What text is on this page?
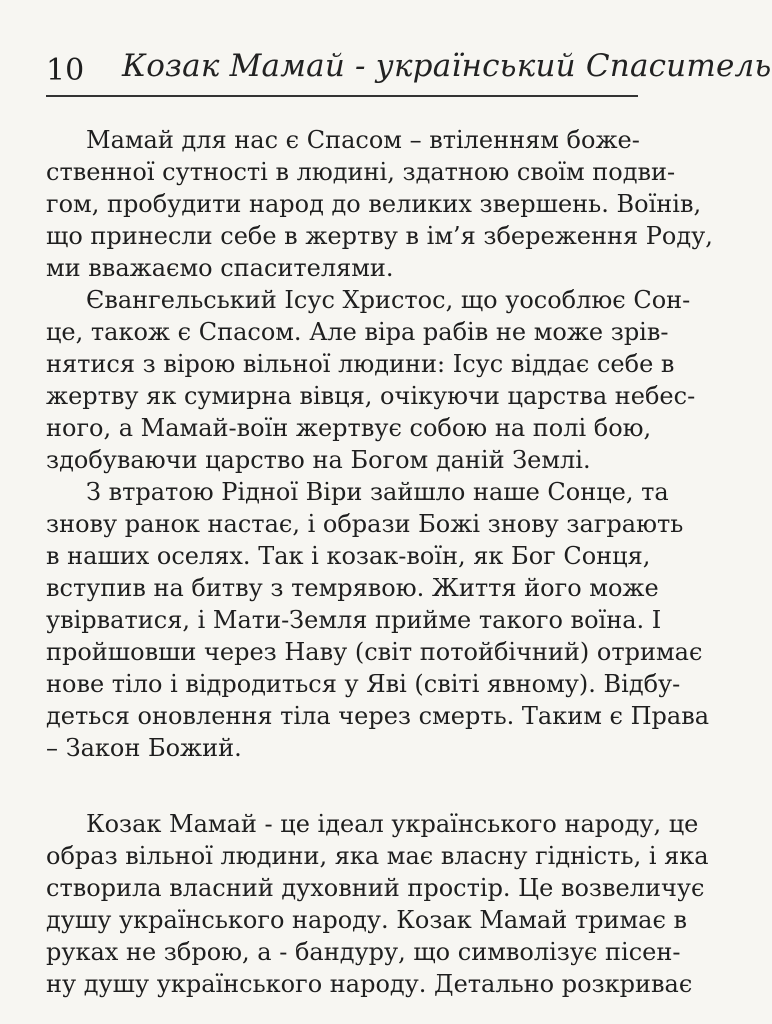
10 Козак Мамай - український Спаситель
Мамай для нас є Спасом – втіленням боже-
ственної сутності в людині, здатною своїм подви-
гом, пробудити народ до великих звершень. Воїнів,
що принесли себе в жертву в ім’я збереження Роду,
ми вважаємо спасителями.
Євангельський Ісус Христос, що уособлює Сон-
це, також є Спасом. Але віра рабів не може зрів-
нятися з вірою вільної людини: Ісус віддає себе в
жертву як сумирна вівця, очікуючи царства небес-
ного, а Мамай-воїн жертвує собою на полі бою,
здобуваючи царство на Богом даній Землі.
З втратою Рідної Віри зайшло наше Сонце, та
знову ранок настає, і образи Божі знову заграють
в наших оселях. Так і козак-воїн, як Бог Сонця,
вступив на битву з темрявою. Життя його може
увірватися, і Мати-Земля прийме такого воїна. І
пройшовши через Наву (світ потойбічний) отримає
нове тіло і відродиться у Яві (світі явному). Відбу-
деться оновлення тіла через смерть. Таким є Права
– Закон Божий.
Козак Мамай - це ідеал українського народу, це
образ вільної людини, яка має власну гідність, і яка
створила власний духовний простір. Це возвеличує
душу українського народу. Козак Мамай тримає в
руках не зброю, а - бандуру, що символізує пісен-
ну душу українського народу. Детально розкриває
